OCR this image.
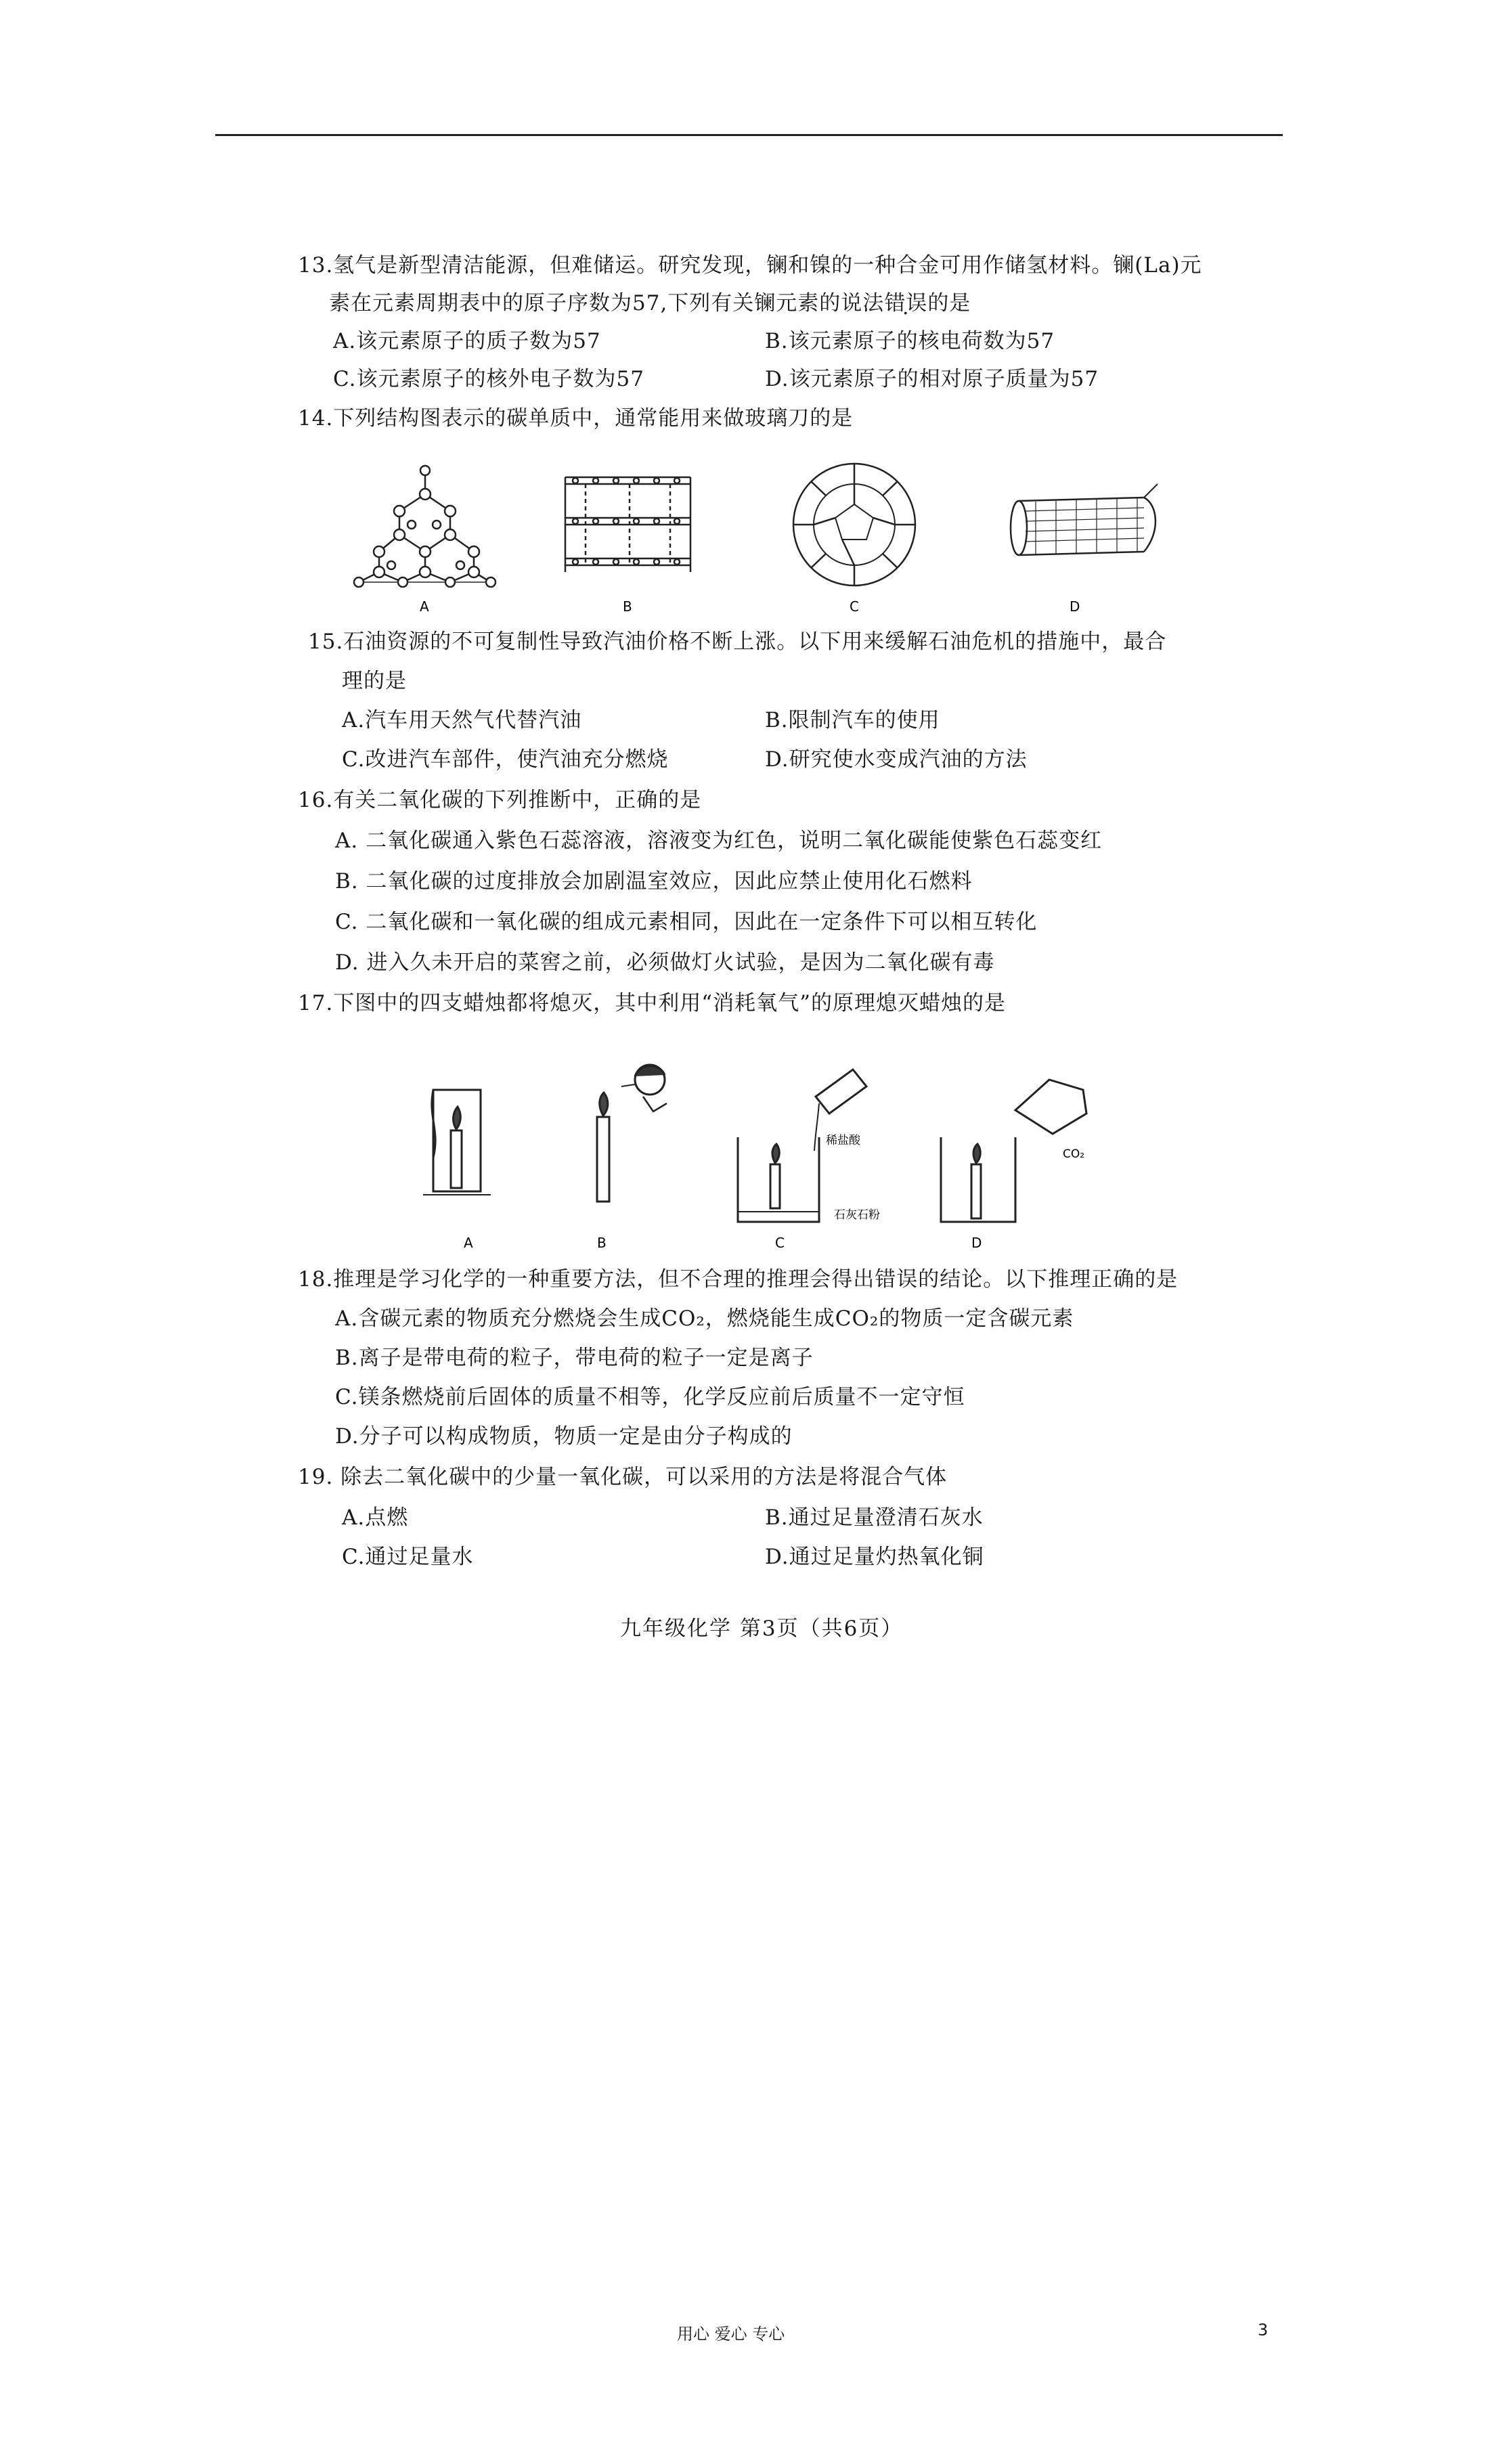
13.氢气是新型清洁能源，但难储运。研究发现，镧和镍的一种合金可用作储氢材料。镧(La)元
素在元素周期表中的原子序数为57,下列有关镧元素的说法错误的是
A.该元素原子的质子数为57	B.该元素原子的核电荷数为57
C.该元素原子的核外电子数为57	D.该元素原子的相对原子质量为57
14.下列结构图表示的碳单质中，通常能用来做玻璃刀的是
A	B	C	D
15.石油资源的不可复制性导致汽油价格不断上涨。以下用来缓解石油危机的措施中，最合
理的是
A.汽车用天然气代替汽油	B.限制汽车的使用
C.改进汽车部件，使汽油充分燃烧	D.研究使水变成汽油的方法
16.有关二氧化碳的下列推断中，正确的是
A. 二氧化碳通入紫色石蕊溶液，溶液变为红色，说明二氧化碳能使紫色石蕊变红
B. 二氧化碳的过度排放会加剧温室效应，因此应禁止使用化石燃料
C. 二氧化碳和一氧化碳的组成元素相同，因此在一定条件下可以相互转化
D. 进入久未开启的菜窖之前，必须做灯火试验，是因为二氧化碳有毒
17.下图中的四支蜡烛都将熄灭，其中利用“消耗氧气”的原理熄灭蜡烛的是
稀盐酸
石灰石粉
CO₂
A	B	C	D
18.推理是学习化学的一种重要方法，但不合理的推理会得出错误的结论。以下推理正确的是
A.含碳元素的物质充分燃烧会生成CO₂，燃烧能生成CO₂的物质一定含碳元素
B.离子是带电荷的粒子，带电荷的粒子一定是离子
C.镁条燃烧前后固体的质量不相等，化学反应前后质量不一定守恒
D.分子可以构成物质，物质一定是由分子构成的
19. 除去二氧化碳中的少量一氧化碳，可以采用的方法是将混合气体
A.点燃	B.通过足量澄清石灰水
C.通过足量水	D.通过足量灼热氧化铜
九年级化学 第3页（共6页）
用心 爱心 专心	3
